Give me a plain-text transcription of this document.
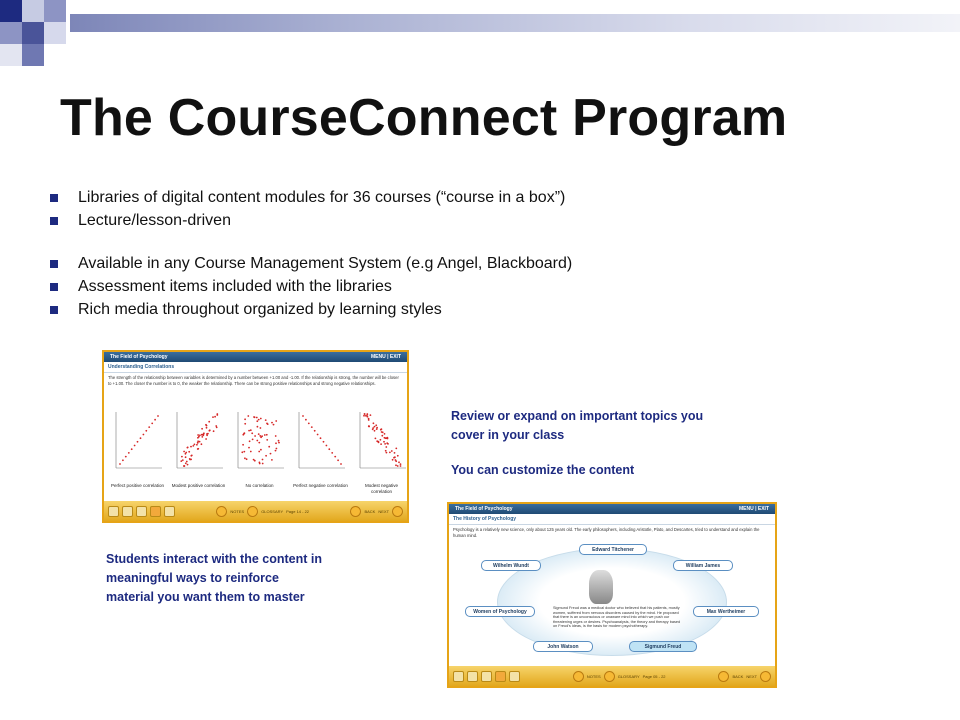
The CourseConnect Program
Libraries of digital content modules for 36 courses (“course in a box”)
Lecture/lesson-driven
Available in any Course Management System (e.g Angel, Blackboard)
Assessment items included with the libraries
Rich media throughout organized by learning styles
Review or expand on important topics you cover in your class
You can customize the content
Students interact with the content in meaningful ways to reinforce material you want them to master
The Field of Psychology	MENU | EXIT
Understanding Correlations
The strength of the relationship between variables is determined by a number between +1.00 and -1.00. If the relationship is strong, the number will be closer to +1.00. The closer the number is to 0, the weaker the relationship. There can be strong positive relationships and strong negative relationships.
Perfect positive correlation Modest positive correlation	No correlation	Perfect negative correlation	Modest negative correlation
NOTES	GLOSSARY Page 14 - 22	BACK NEXT	The Field of Psychology	MENU | EXIT
The History of Psychology
Psychology is a relatively new science, only about 125 years old. The early philosophers, including Aristotle, Plato, and Descartes, tried to understand and explain the human mind.
Edward Titchener
Wilhelm Wundt	William James
Women of Psychology	Max Wertheimer
John Watson	Sigmund Freud
Sigmund Freud was a medical doctor who believed that his patients, mostly women, suffered from nervous disorders caused by the mind. He proposed that there is an unconscious or unaware mind into which we push our threatening urges or desires. Psychoanalysis, the theory and therapy based on Freud's ideas, is the basis for modern psychotherapy.
NOTES	GLOSSARY Page 05 - 22	BACK NEXT
